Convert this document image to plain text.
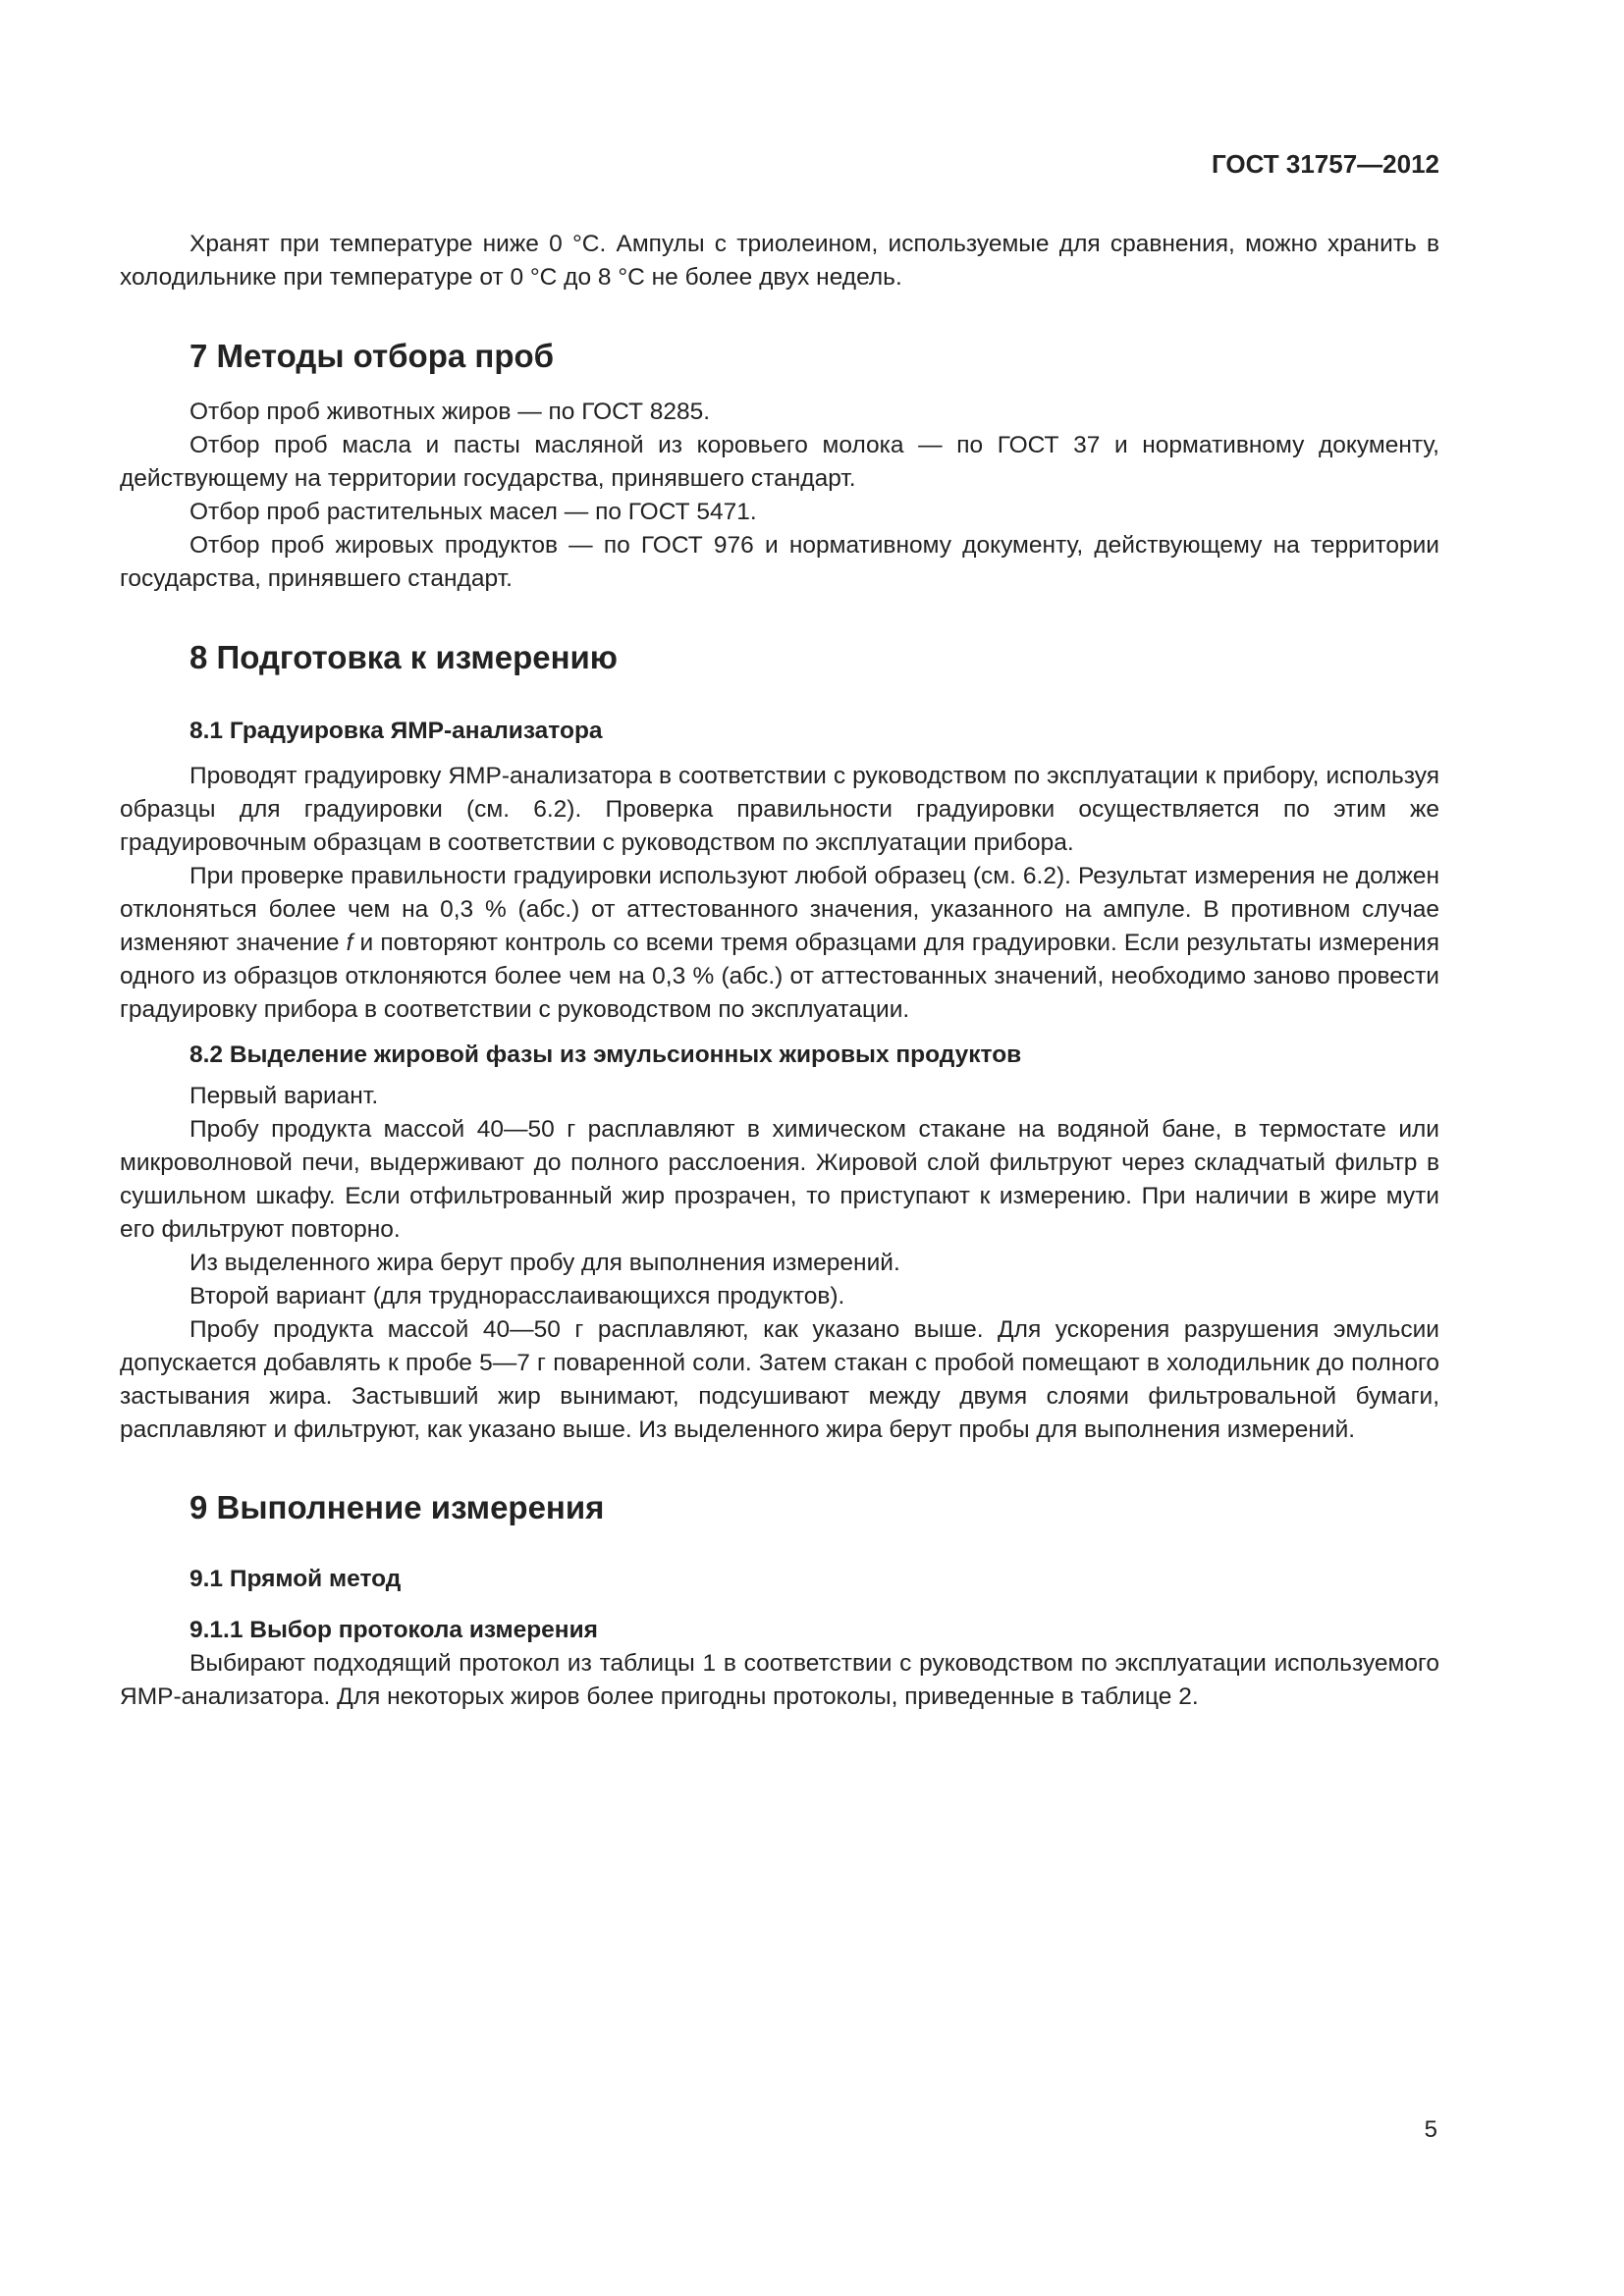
ГОСТ 31757—2012

Хранят при температуре ниже 0 °С. Ампулы с триолеином, используемые для сравнения, можно хранить в холодильнике при температуре от 0 °С до 8 °С не более двух недель.

7 Методы отбора проб

Отбор проб животных жиров — по ГОСТ 8285.

Отбор проб масла и пасты масляной из коровьего молока — по ГОСТ 37 и нормативному документу, действующему на территории государства, принявшего стандарт.

Отбор проб растительных масел — по ГОСТ 5471.

Отбор проб жировых продуктов — по ГОСТ 976 и нормативному документу, действующему на территории государства, принявшего стандарт.

8 Подготовка к измерению
8.1 Градуировка ЯМР-анализатора

Проводят градуировку ЯМР-анализатора в соответствии с руководством по эксплуатации к прибору, используя образцы для градуировки (см. 6.2). Проверка правильности градуировки осуществляется по этим же градуировочным образцам в соответствии с руководством по эксплуатации прибора.

При проверке правильности градуировки используют любой образец (см. 6.2). Результат измерения не должен отклоняться более чем на 0,3 % (абс.) от аттестованного значения, указанного на ампуле. В противном случае изменяют значение f и повторяют контроль со всеми тремя образцами для градуировки. Если результаты измерения одного из образцов отклоняются более чем на 0,3 % (абс.) от аттестованных значений, необходимо заново провести градуировку прибора в соответствии с руководством по эксплуатации.

8.2 Выделение жировой фазы из эмульсионных жировых продуктов

Первый вариант.

Пробу продукта массой 40—50 г расплавляют в химическом стакане на водяной бане, в термостате или микроволновой печи, выдерживают до полного расслоения. Жировой слой фильтруют через складчатый фильтр в сушильном шкафу. Если отфильтрованный жир прозрачен, то приступают к измерению. При наличии в жире мути его фильтруют повторно.

Из выделенного жира берут пробу для выполнения измерений.

Второй вариант (для труднорасслаивающихся продуктов).

Пробу продукта массой 40—50 г расплавляют, как указано выше. Для ускорения разрушения эмульсии допускается добавлять к пробе 5—7 г поваренной соли. Затем стакан с пробой помещают в холодильник до полного застывания жира. Застывший жир вынимают, подсушивают между двумя слоями фильтровальной бумаги, расплавляют и фильтруют, как указано выше. Из выделенного жира берут пробы для выполнения измерений.

9 Выполнение измерения
9.1 Прямой метод
9.1.1 Выбор протокола измерения

Выбирают подходящий протокол из таблицы 1 в соответствии с руководством по эксплуатации используемого ЯМР-анализатора. Для некоторых жиров более пригодны протоколы, приведенные в таблице 2.

5
